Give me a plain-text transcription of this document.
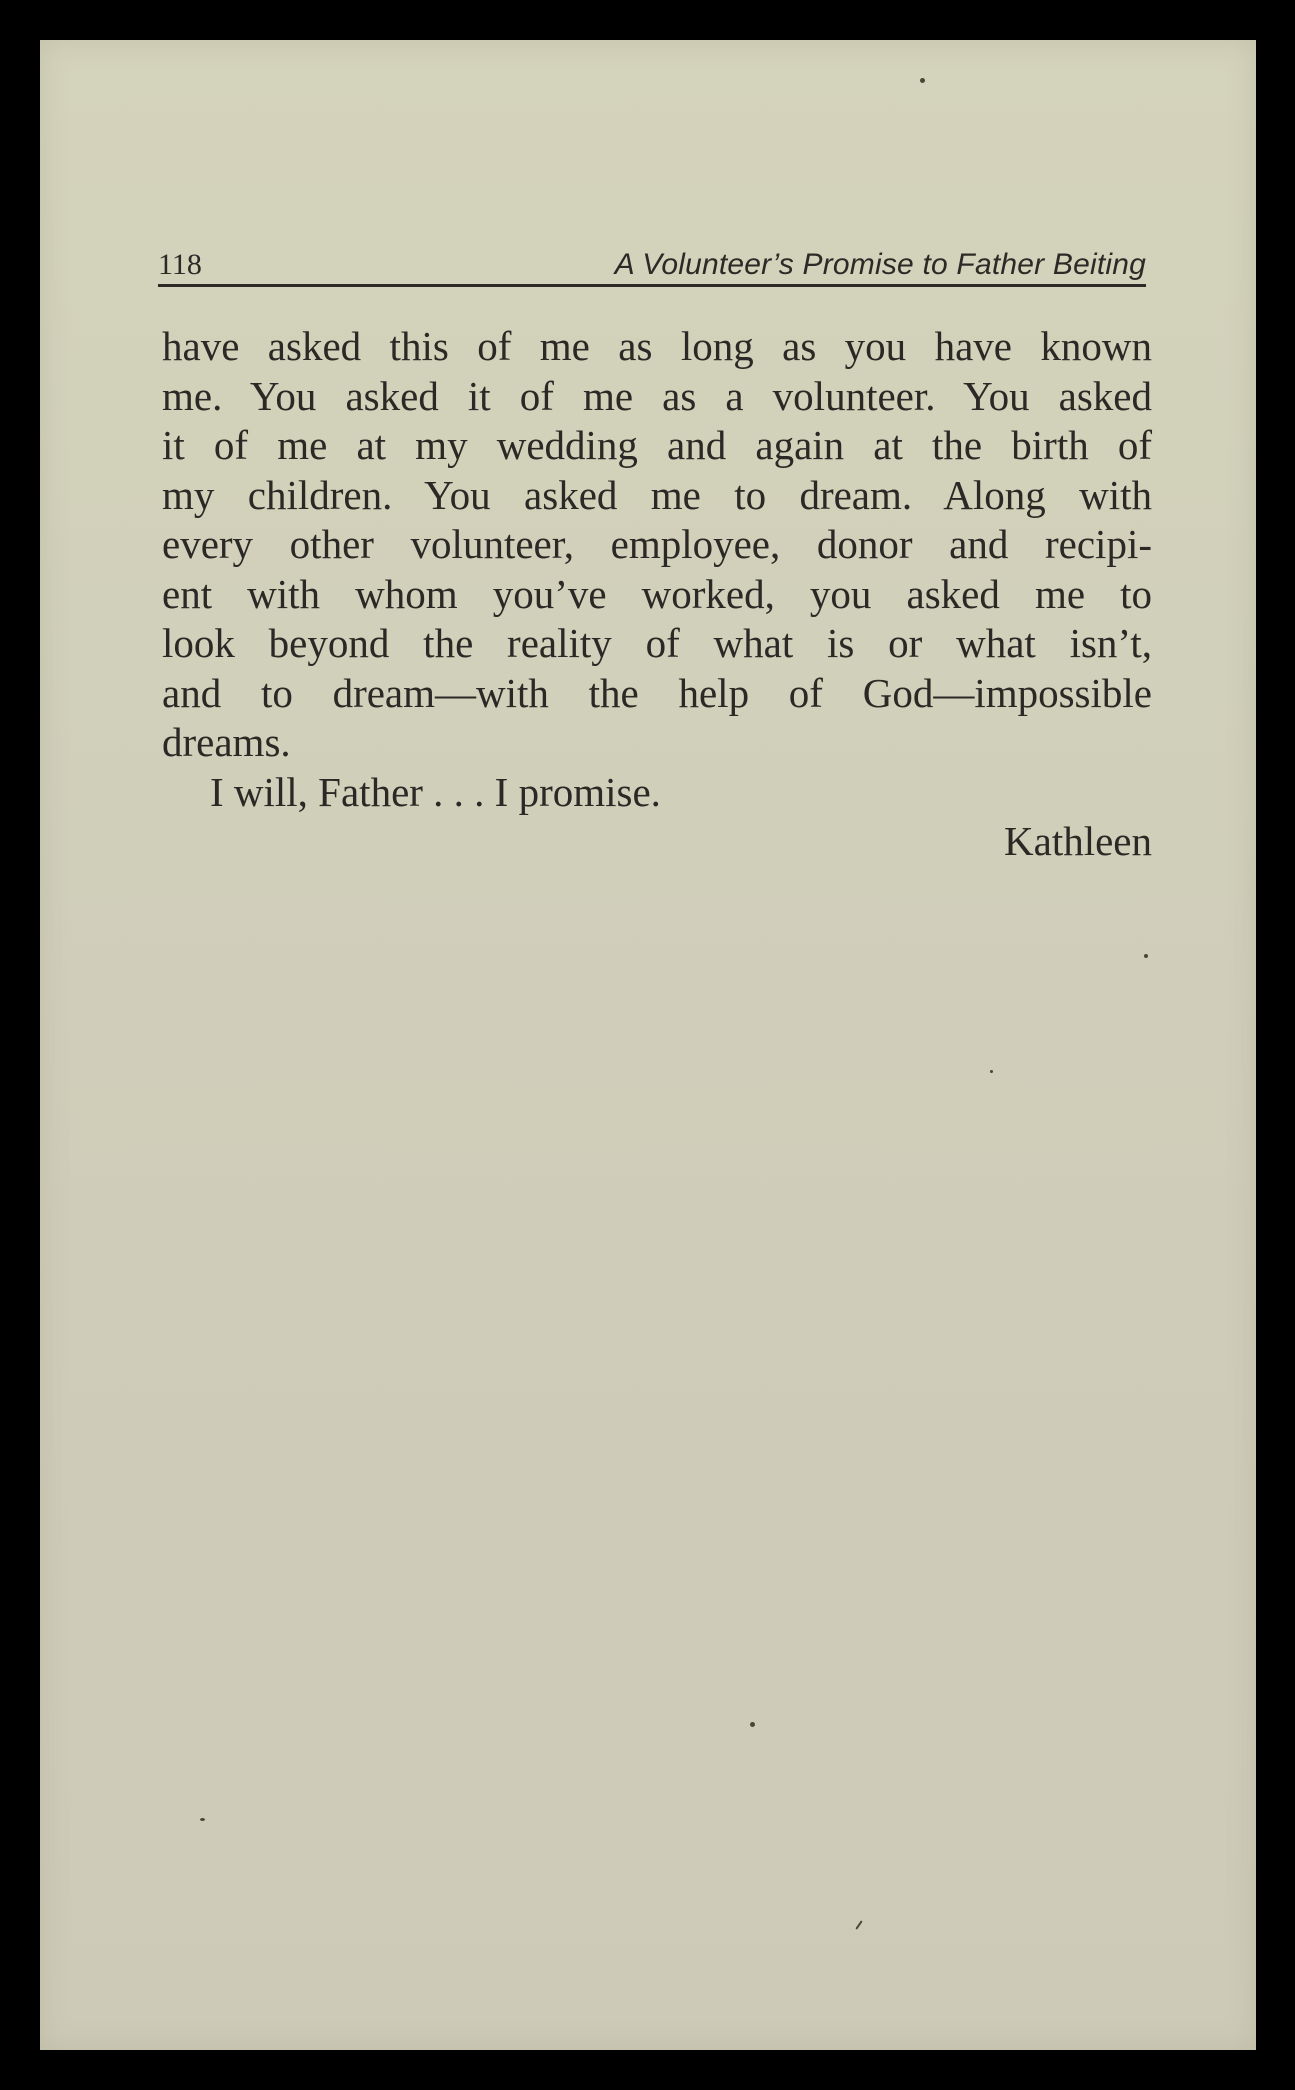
118	A Volunteer’s Promise to Father Beiting
have asked this of me as long as you have known
me. You asked it of me as a volunteer. You asked
it of me at my wedding and again at the birth of
my children. You asked me to dream. Along with
every other volunteer, employee, donor and recipi-
ent with whom you’ve worked, you asked me to
look beyond the reality of what is or what isn’t,
and to dream—with the help of God—impossible
dreams.
I will, Father . . . I promise.
Kathleen
